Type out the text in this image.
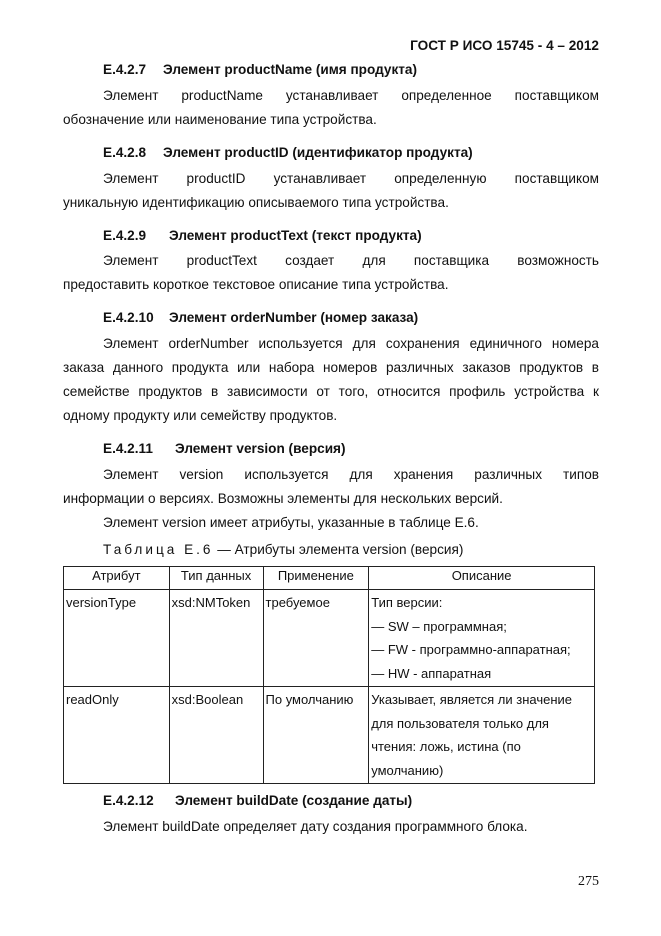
ГОСТ Р ИСО 15745 - 4 – 2012
E.4.2.7 Элемент productName (имя продукта)
Элемент productName устанавливает определенное поставщиком
обозначение или наименование типа устройства.
E.4.2.8 Элемент productID (идентификатор продукта)
Элемент productID устанавливает определенную поставщиком
уникальную идентификацию описываемого типа устройства.
E.4.2.9 Элемент productText (текст продукта)
Элемент productText создает для поставщика возможность
предоставить короткое текстовое описание типа устройства.
E.4.2.10 Элемент orderNumber (номер заказа)
Элемент orderNumber используется для сохранения единичного номера
заказа данного продукта или набора номеров различных заказов продуктов в
семействе продуктов в зависимости от того, относится профиль устройства к
одному продукту или семейству продуктов.
E.4.2.11 Элемент version (версия)
Элемент version используется для хранения различных типов
информации о версиях. Возможны элементы для нескольких версий.
Элемент version имеет атрибуты, указанные в таблице Е.6.
Таблица Е.6 — Атрибуты элемента version (версия)
Атрибут	Тип данных	Применение	Описание
versionType	xsd:NMToken	требуемое	Тип версии:
— SW – программная;
— FW - программно-аппаратная;
— HW - аппаратная

readOnly	xsd:Boolean	По умолчанию	Указывает, является ли значение
для пользователя только для
чтения: ложь, истина (по
умолчанию)
E.4.2.12 Элемент buildDate (создание даты)
Элемент buildDate определяет дату создания программного блока.
275
